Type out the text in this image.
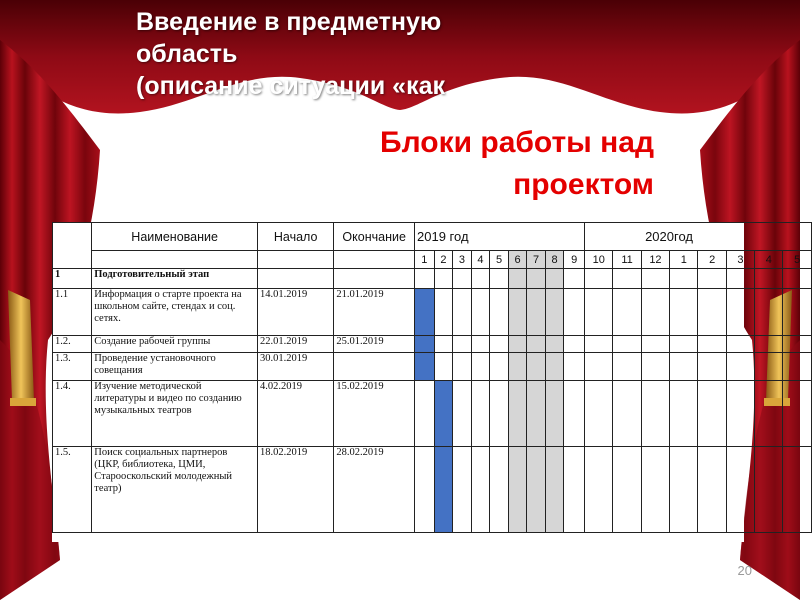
Введение в предметную
область
(описание ситуации «как
Блоки работы над
проектом
	Наименование	Начало	Окончание	2019 год									2020год							
				1	2	3	4	5	6	7	8	9	10	11	12	1	2	3	4	5
1	Подготовительный этап																			
1.1	Информация о старте проекта на школьном сайте, стендах и соц. сетях.	14.01.2019	21.01.2019																	
1.2.	Создание рабочей группы	22.01.2019	25.01.2019																	
1.3.	Проведение установочного совещания	30.01.2019																		
1.4.	Изучение методической литературы и видео по созданию музыкальных театров	4.02.2019	15.02.2019																	
1.5.	Поиск социальных партнеров (ЦКР, библиотека, ЦМИ, Старооскольский молодежный театр)	18.02.2019	28.02.2019																	
20
